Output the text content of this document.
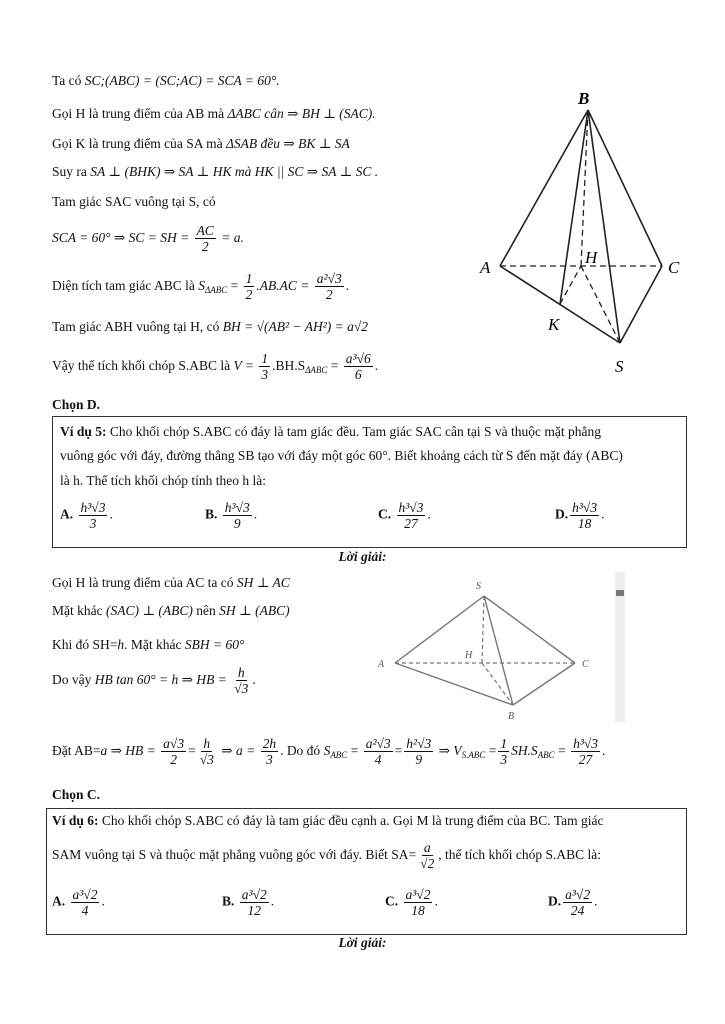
Ta có SC;(ABC) = (SC;AC) = SCA = 60°.
Gọi H là trung điểm của AB mà ΔABC cân ⇒ BH ⊥ (SAC).
Gọi K là trung điểm của SA mà ΔSAB đều ⇒ BK ⊥ SA
Suy ra SA ⊥ (BHK) ⇒ SA ⊥ HK mà HK || SC ⇒ SA ⊥ SC .
Tam giác SAC vuông tại S, có
SCA = 60° ⇒ SC = SH = $\frac{AC}{2} = a$.
Diện tích tam giác ABC là $S_{\Delta ABC} = \frac{1}{2} .AB.AC = \frac{\text{a²√3}}{2}$ .
Tam giác ABH vuông tại H, có BH = √(AB² − AH²) = a√2
Vậy thể tích khối chóp S.ABC là $V = \frac{1}{3} .BH.S_{\Delta ABC} = \frac{\text{a³√6}}{6}$ .
Chọn D.
B
A	C
H
K
S
Ví dụ 5: Cho khối chóp S.ABC có đáy là tam giác đều. Tam giác SAC cân tại S và thuộc mặt phẳng
vuông góc với đáy, đường thẳng SB tạo với đáy một góc 60°. Biết khoảng cách từ S đến mặt đáy (ABC)
là h. Thể tích khối chóp tính theo h là:
A. $\frac{\text{h³√3}}{3}$ .	B. $\frac{\text{h³√3}}{9}$ .	C. $\frac{\text{h³√3}}{27}$ .	D. $\frac{\text{h³√3}}{18}$ .
Lời giải:
Gọi H là trung điểm của AC ta có SH ⊥ AC
Mặt khác (SAC) ⊥ (ABC) nên SH ⊥ (ABC)
Khi đó SH=h. Mặt khác SBH = 60°
Do vậy HB tan 60° = h ⇒ HB = $\frac{h}{√3}$ .
S
A	C
H
B
Đặt AB=a ⇒ HB = $\frac{a√3}{2} = \frac{h}{√3}$ ⇒ $a = \frac{2h}{3}$ . Do đó $S_{ABC} = \frac{\text{a²√3}}{4} = \frac{\text{h²√3}}{9}$ ⇒ $V_{S.ABC} = \frac{1}{3} SH.S_{ABC} = \frac{\text{h³√3}}{27}$ .
Chọn C.
Ví dụ 6: Cho khối chóp S.ABC có đáy là tam giác đều cạnh a. Gọi M là trung điểm của BC. Tam giác
SAM vuông tại S và thuộc mặt phẳng vuông góc với đáy. Biết $SA= \frac{a}{√2}$ , thể tích khối chóp S.ABC là:
A. $\frac{\text{a³√2}}{4}$ .	B. $\frac{\text{a³√2}}{12}$ .	C. $\frac{\text{a³√2}}{18}$ .	D. $\frac{\text{a³√2}}{24}$ .
Lời giải:
